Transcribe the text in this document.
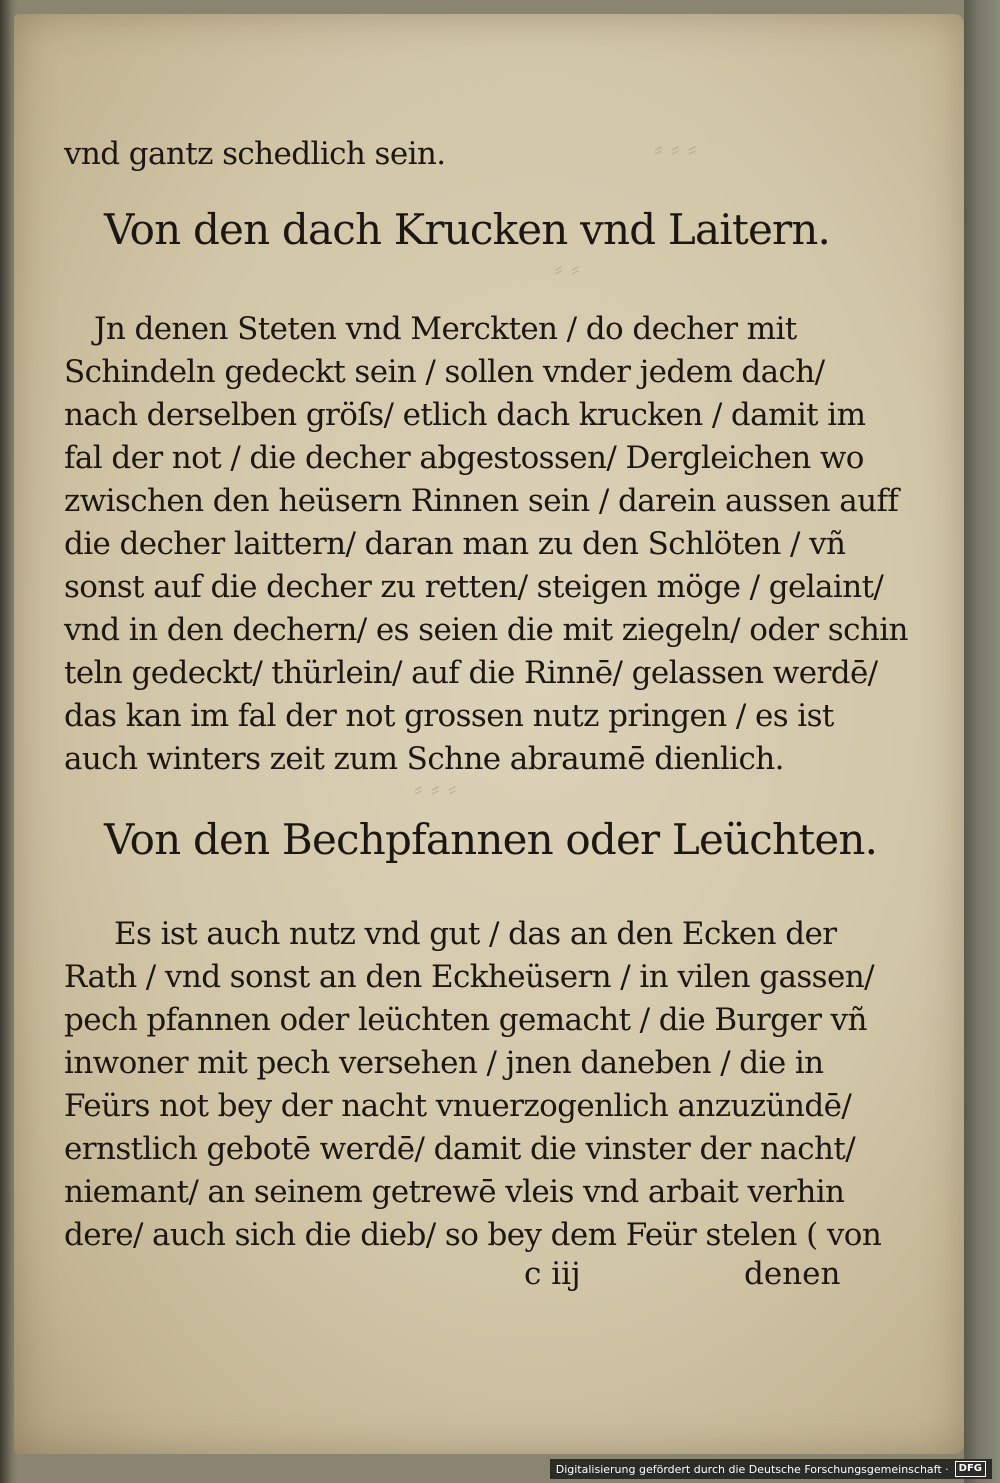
⸗ ⸗ ⸗
⸗ ⸗
⸗ ⸗ ⸗
vnd gantz schedlich sein.
Von den dach Krucken vnd Laitern.
Jn denen Steten vnd Merckten / do decher mit
Schindeln gedeckt sein / sollen vnder jedem dach/
nach derselben gröſs/ etlich dach krucken / damit im
fal der not / die decher abgestossen/ Dergleichen wo
zwischen den heüsern Rinnen sein / darein aussen auff
die decher laittern/ daran man zu den Schlöten / vñ
sonst auf die decher zu retten/ steigen möge / gelaint/
vnd in den dechern/ es seien die mit ziegeln/ oder schin
teln gedeckt/ thürlein/ auf die Rinnē/ gelassen werdē/
das kan im fal der not grossen nutz pringen / es ist
auch winters zeit zum Schne abraumē dienlich.
Von den Bechpfannen oder Leüchten.
Es ist auch nutz vnd gut / das an den Ecken der
Rath / vnd sonst an den Eckheüsern / in vilen gassen/
pech pfannen oder leüchten gemacht / die Burger vñ
inwoner mit pech versehen / jnen daneben / die in
Feürs not bey der nacht vnuerzogenlich anzuzündē/
ernstlich gebotē werdē/ damit die vinster der nacht/
niemant/ an seinem getrewē vleis vnd arbait verhin
dere/ auch sich die dieb/ so bey dem Feür stelen ( von
c iij	denen
Digitalisierung gefördert durch die Deutsche Forschungsgemeinschaft ·	DFG
